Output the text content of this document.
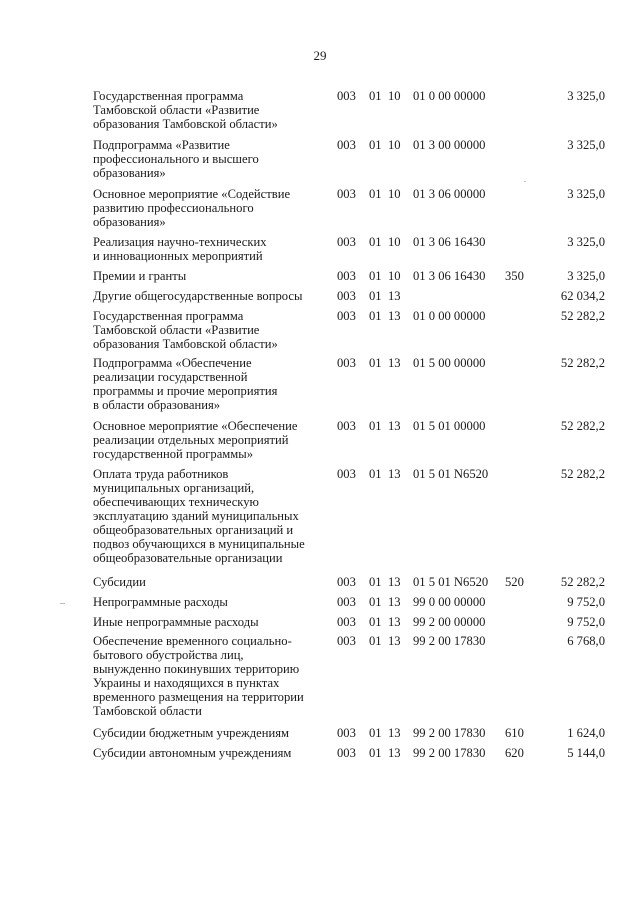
29
Государственная программа
Тамбовской области «Развитие
образования Тамбовской области»
003 01 10 01 0 00 00000	3 325,0
Подпрограмма «Развитие
профессионального и высшего
образования»
003 01 10 01 3 00 00000	3 325,0
Основное мероприятие «Содействие
развитию профессионального
образования»
003 01 10 01 3 06 00000	3 325,0
Реализация научно-технических
и инновационных мероприятий
003 01 10 01 3 06 16430	3 325,0
Премии и гранты	003 01 10 01 3 06 16430 350	3 325,0
Другие общегосударственные вопросы	003 01 13	62 034,2
Государственная программа
Тамбовской области «Развитие
образования Тамбовской области»
003 01 13 01 0 00 00000	52 282,2
Подпрограмма «Обеспечение
реализации государственной
программы и прочие мероприятия
в области образования»
003 01 13 01 5 00 00000	52 282,2
Основное мероприятие «Обеспечение
реализации отдельных мероприятий
государственной программы»
003 01 13 01 5 01 00000	52 282,2
Оплата труда работников
муниципальных организаций,
обеспечивающих техническую
эксплуатацию зданий муниципальных
общеобразовательных организаций и
подвоз обучающихся в муниципальные
общеобразовательные организации
003 01 13 01 5 01 N6520	52 282,2
Субсидии	003 01 13 01 5 01 N6520 520	52 282,2
Непрограммные расходы	003 01 13 99 0 00 00000	9 752,0
Иные непрограммные расходы	003 01 13 99 2 00 00000	9 752,0
Обеспечение временного социально-
бытового обустройства лиц,
вынужденно покинувших территорию
Украины и находящихся в пунктах
временного размещения на территории
Тамбовской области
003 01 13 99 2 00 17830	6 768,0
Субсидии бюджетным учреждениям	003 01 13 99 2 00 17830 610	1 624,0
Субсидии автономным учреждениям	003 01 13 99 2 00 17830 620	5 144,0
